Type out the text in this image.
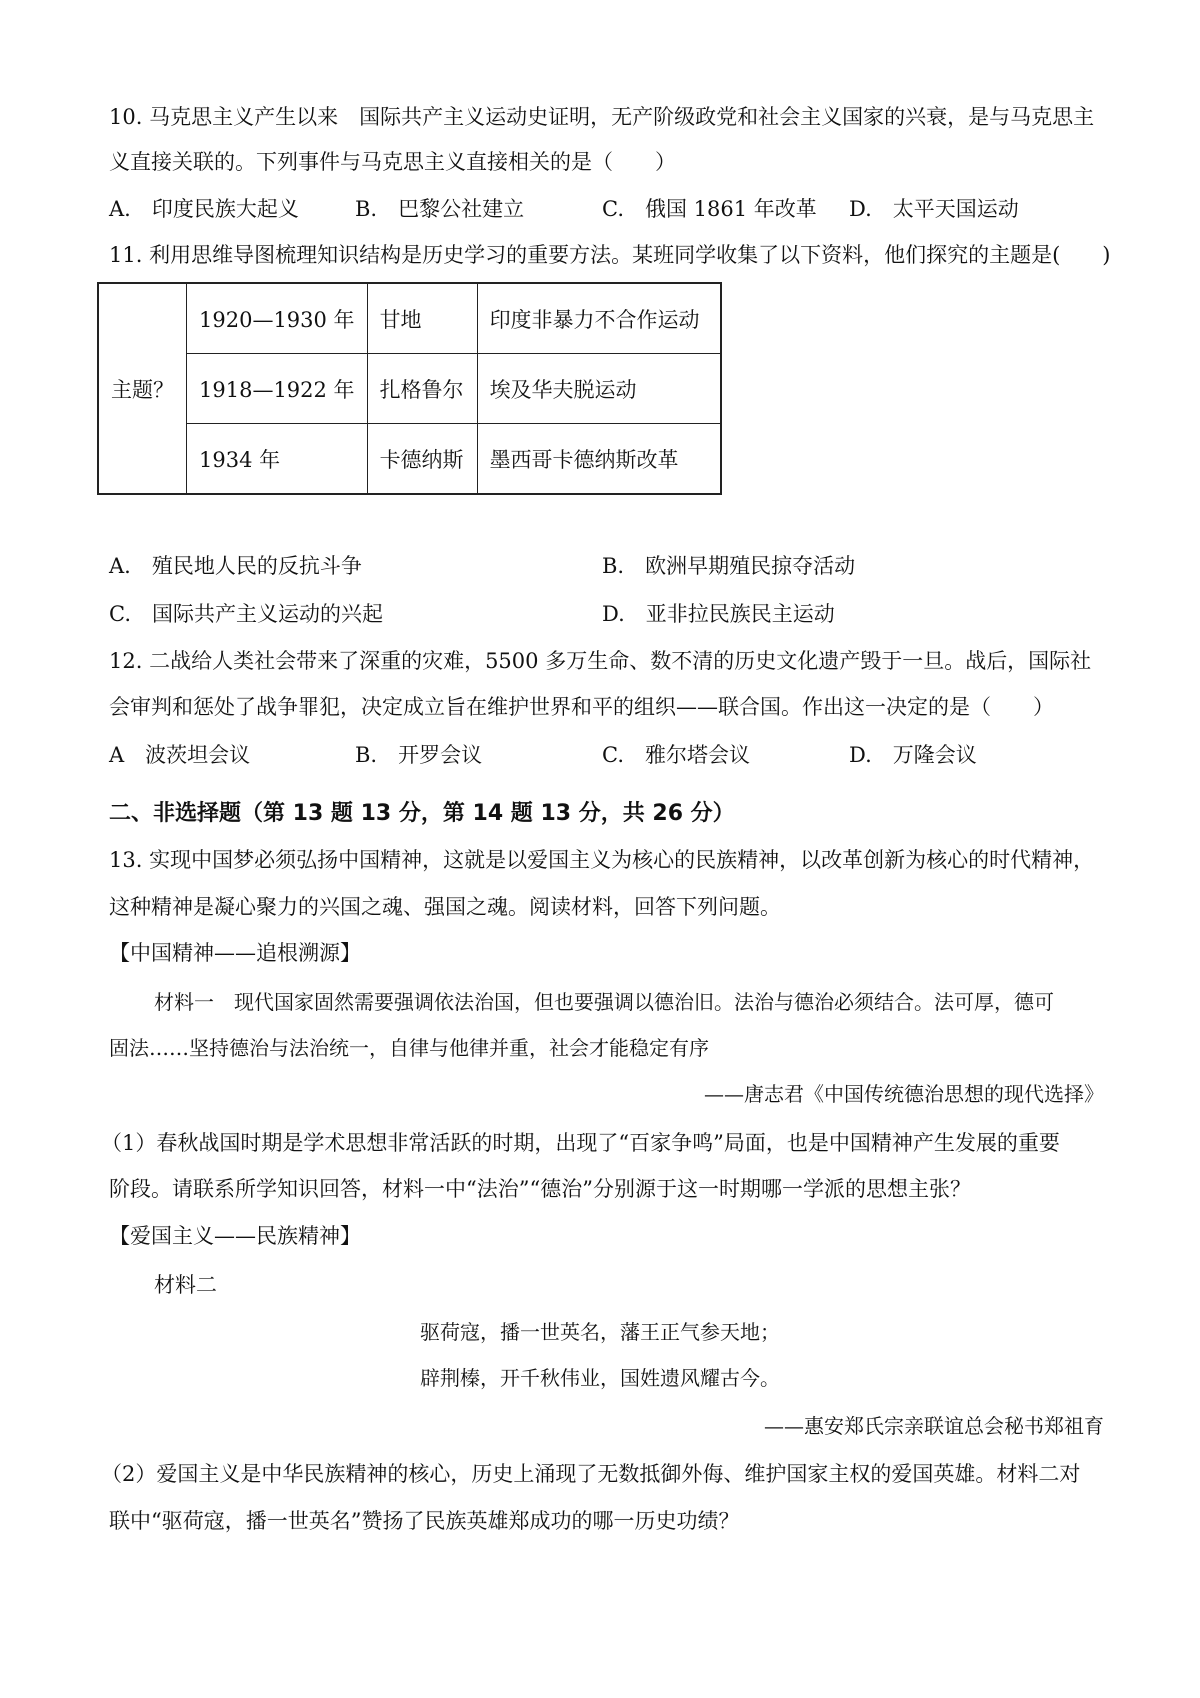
10. 马克思主义产生以来　国际共产主义运动史证明，无产阶级政党和社会主义国家的兴衰，是与马克思主
义直接关联的。下列事件与马克思主义直接相关的是（　　）
A.　印度民族大起义	B.　巴黎公社建立	C.　俄国 1861 年改革 D.　太平天国运动
11. 利用思维导图梳理知识结构是历史学习的重要方法。某班同学收集了以下资料，他们探究的主题是(　　)
主题？	1920—1930 年	甘地	印度非暴力不合作运动
	1918—1922 年	扎格鲁尔	埃及华夫脱运动
	1934 年	卡德纳斯	墨西哥卡德纳斯改革
A.　殖民地人民的反抗斗争	B.　欧洲早期殖民掠夺活动
C.　国际共产主义运动的兴起	D.　亚非拉民族民主运动
12. 二战给人类社会带来了深重的灾难，5500 多万生命、数不清的历史文化遗产毁于一旦。战后，国际社
会审判和惩处了战争罪犯，决定成立旨在维护世界和平的组织——联合国。作出这一决定的是（　　）
A　波茨坦会议	B.　开罗会议	C.　雅尔塔会议	D.　万隆会议
二、非选择题（第 13 题 13 分，第 14 题 13 分，共 26 分）
13. 实现中国梦必须弘扬中国精神，这就是以爱国主义为核心的民族精神，以改革创新为核心的时代精神，
这种精神是凝心聚力的兴国之魂、强国之魂。阅读材料，回答下列问题。
【中国精神——追根溯源】
材料一　现代国家固然需要强调依法治国，但也要强调以德治旧。法治与德治必须结合。法可厚，德可
固法……坚持德治与法治统一，自律与他律并重，社会才能稳定有序
——唐志君《中国传统德治思想的现代选择》
（1）春秋战国时期是学术思想非常活跃的时期，出现了“百家争鸣”局面，也是中国精神产生发展的重要
阶段。请联系所学知识回答，材料一中“法治”“德治”分别源于这一时期哪一学派的思想主张？
【爱国主义——民族精神】
材料二
驱荷寇，播一世英名，藩王正气参天地；
辟荆榛，开千秋伟业，国姓遗风耀古今。
——惠安郑氏宗亲联谊总会秘书郑祖育
（2）爱国主义是中华民族精神的核心，历史上涌现了无数抵御外侮、维护国家主权的爱国英雄。材料二对
联中“驱荷寇，播一世英名”赞扬了民族英雄郑成功的哪一历史功绩？
